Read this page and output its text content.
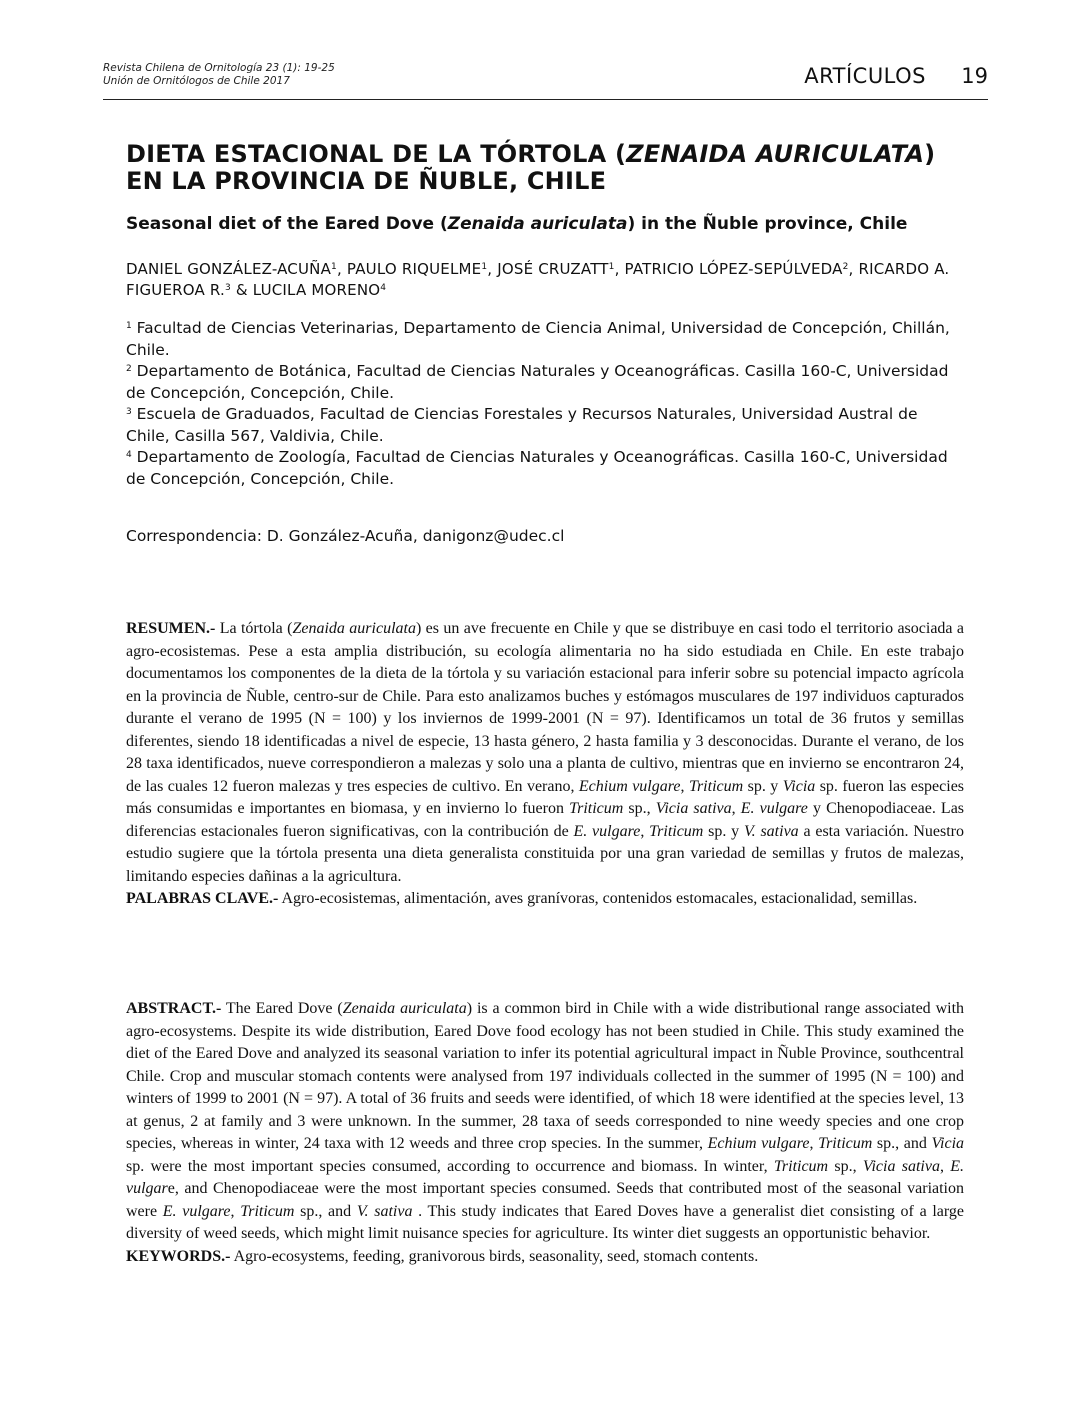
Revista Chilena de Ornitología 23 (1): 19-25
Unión de Ornitólogos de Chile 2017	ARTÍCULOS 19
DIETA ESTACIONAL DE LA TÓRTOLA (ZENAIDA AURICULATA) EN LA PROVINCIA DE ÑUBLE, CHILE
Seasonal diet of the Eared Dove (Zenaida auriculata) in the Ñuble province, Chile
DANIEL GONZÁLEZ-ACUÑA$^1$, PAULO RIQUELME$^1$, JOSÉ CRUZATT$^1$, PATRICIO LÓPEZ-SEPÚLVEDA$^2$, RICARDO A. FIGUEROA R.$^3$ & LUCILA MORENO$^4$

$^1$ Facultad de Ciencias Veterinarias, Departamento de Ciencia Animal, Universidad de Concepción, Chillán, Chile.

$^2$ Departamento de Botánica, Facultad de Ciencias Naturales y Oceanográficas. Casilla 160-C, Universidad de Concepción, Concepción, Chile.

$^3$ Escuela de Graduados, Facultad de Ciencias Forestales y Recursos Naturales, Universidad Austral de Chile, Casilla 567, Valdivia, Chile.

$^4$ Departamento de Zoología, Facultad de Ciencias Naturales y Oceanográficas. Casilla 160-C, Universidad de Concepción, Concepción, Chile.

Correspondencia: D. González-Acuña, danigonz@udec.cl

RESUMEN.- La tórtola (Zenaida auriculata) es un ave frecuente en Chile y que se distribuye en casi todo el territorio asociada a agro-ecosistemas. Pese a esta amplia distribución, su ecología alimentaria no ha sido estudiada en Chile. En este trabajo documentamos los componentes de la dieta de la tórtola y su variación estacional para inferir sobre su potencial impacto agrícola en la provincia de Ñuble, centro-sur de Chile. Para esto analizamos buches y estómagos musculares de 197 individuos capturados durante el verano de 1995 (N = 100) y los inviernos de 1999-2001 (N = 97). Identificamos un total de 36 frutos y semillas diferentes, siendo 18 identificadas a nivel de especie, 13 hasta género, 2 hasta familia y 3 desconocidas. Durante el verano, de los 28 taxa identificados, nueve correspondieron a malezas y solo una a planta de cultivo, mientras que en invierno se encontraron 24, de las cuales 12 fueron malezas y tres especies de cultivo. En verano, Echium vulgare, Triticum sp. y Vicia sp. fueron las especies más consumidas e importantes en biomasa, y en invierno lo fueron Triticum sp., Vicia sativa, E. vulgare y Chenopodiaceae. Las diferencias estacionales fueron significativas, con la contribución de E. vulgare, Triticum sp. y V. sativa a esta variación. Nuestro estudio sugiere que la tórtola presenta una dieta generalista constituida por una gran variedad de semillas y frutos de malezas, limitando especies dañinas a la agricultura.

PALABRAS CLAVE.- Agro-ecosistemas, alimentación, aves granívoras, contenidos estomacales, estacionalidad, semillas.

ABSTRACT.- The Eared Dove (Zenaida auriculata) is a common bird in Chile with a wide distributional range associated with agro-ecosystems. Despite its wide distribution, Eared Dove food ecology has not been studied in Chile. This study examined the diet of the Eared Dove and analyzed its seasonal variation to infer its potential agricultural impact in Ñuble Province, southcentral Chile. Crop and muscular stomach contents were analysed from 197 individuals collected in the summer of 1995 (N = 100) and winters of 1999 to 2001 (N = 97). A total of 36 fruits and seeds were identified, of which 18 were identified at the species level, 13 at genus, 2 at family and 3 were unknown. In the summer, 28 taxa of seeds corresponded to nine weedy species and one crop species, whereas in winter, 24 taxa with 12 weeds and three crop species. In the summer, Echium vulgare, Triticum sp., and Vicia sp. were the most important species consumed, according to occurrence and biomass. In winter, Triticum sp., Vicia sativa, E. vulgare, and Chenopodiaceae were the most important species consumed. Seeds that contributed most of the seasonal variation were E. vulgare, Triticum sp., and V. sativa . This study indicates that Eared Doves have a generalist diet consisting of a large diversity of weed seeds, which might limit nuisance species for agriculture. Its winter diet suggests an opportunistic behavior.

KEYWORDS.- Agro-ecosystems, feeding, granivorous birds, seasonality, seed, stomach contents.
